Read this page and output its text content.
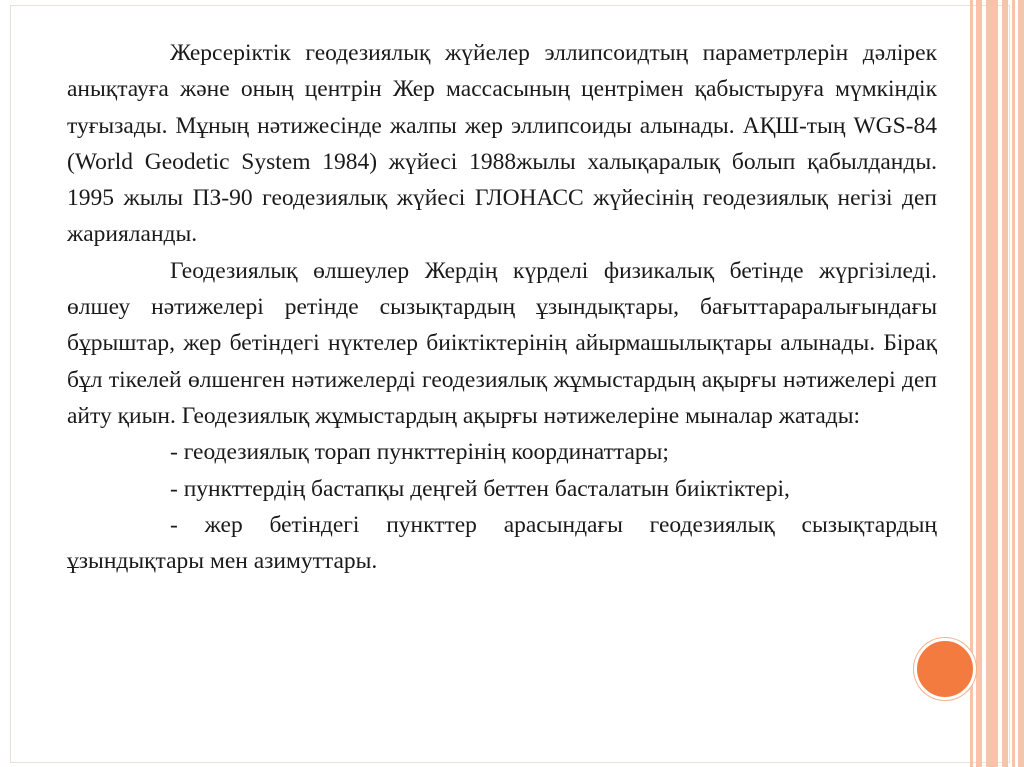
Жерсеріктік геодезиялық жүйелер эллипсоидтың параметрлерін дәлірек анықтауға және оның центрін Жер массасының центрімен қабыстыруға мүмкіндік туғызады. Мұның нәтижесінде жалпы жер эллипсоиды алынады. АҚШ-тың WGS-84 (World Geodetic System 1984) жүйесі 1988жылы халықаралық болып қабылданды. 1995 жылы ПЗ-90 геодезиялық жүйесі ГЛОНАСС жүйесінің геодезиялық негізі деп жарияланды.

Геодезиялық өлшеулер Жердің күрделі физикалық бетінде жүргізіледі. өлшеу нәтижелері ретінде сызықтардың ұзындықтары, бағыттараралығындағы бұрыштар, жер бетіндегі нүктелер биіктіктерінің айырмашылықтары алынады. Бірақ бұл тікелей өлшенген нәтижелерді геодезиялық жұмыстардың ақырғы нәтижелері деп айту қиын. Геодезиялық жұмыстардың ақырғы нәтижелеріне мыналар жатады:

- геодезиялық торап пункттерінің координаттары;

- пункттердің бастапқы деңгей беттен басталатын биіктіктері,

- жер бетіндегі пункттер арасындағы геодезиялық сызықтардың ұзындықтары мен азимуттары.
